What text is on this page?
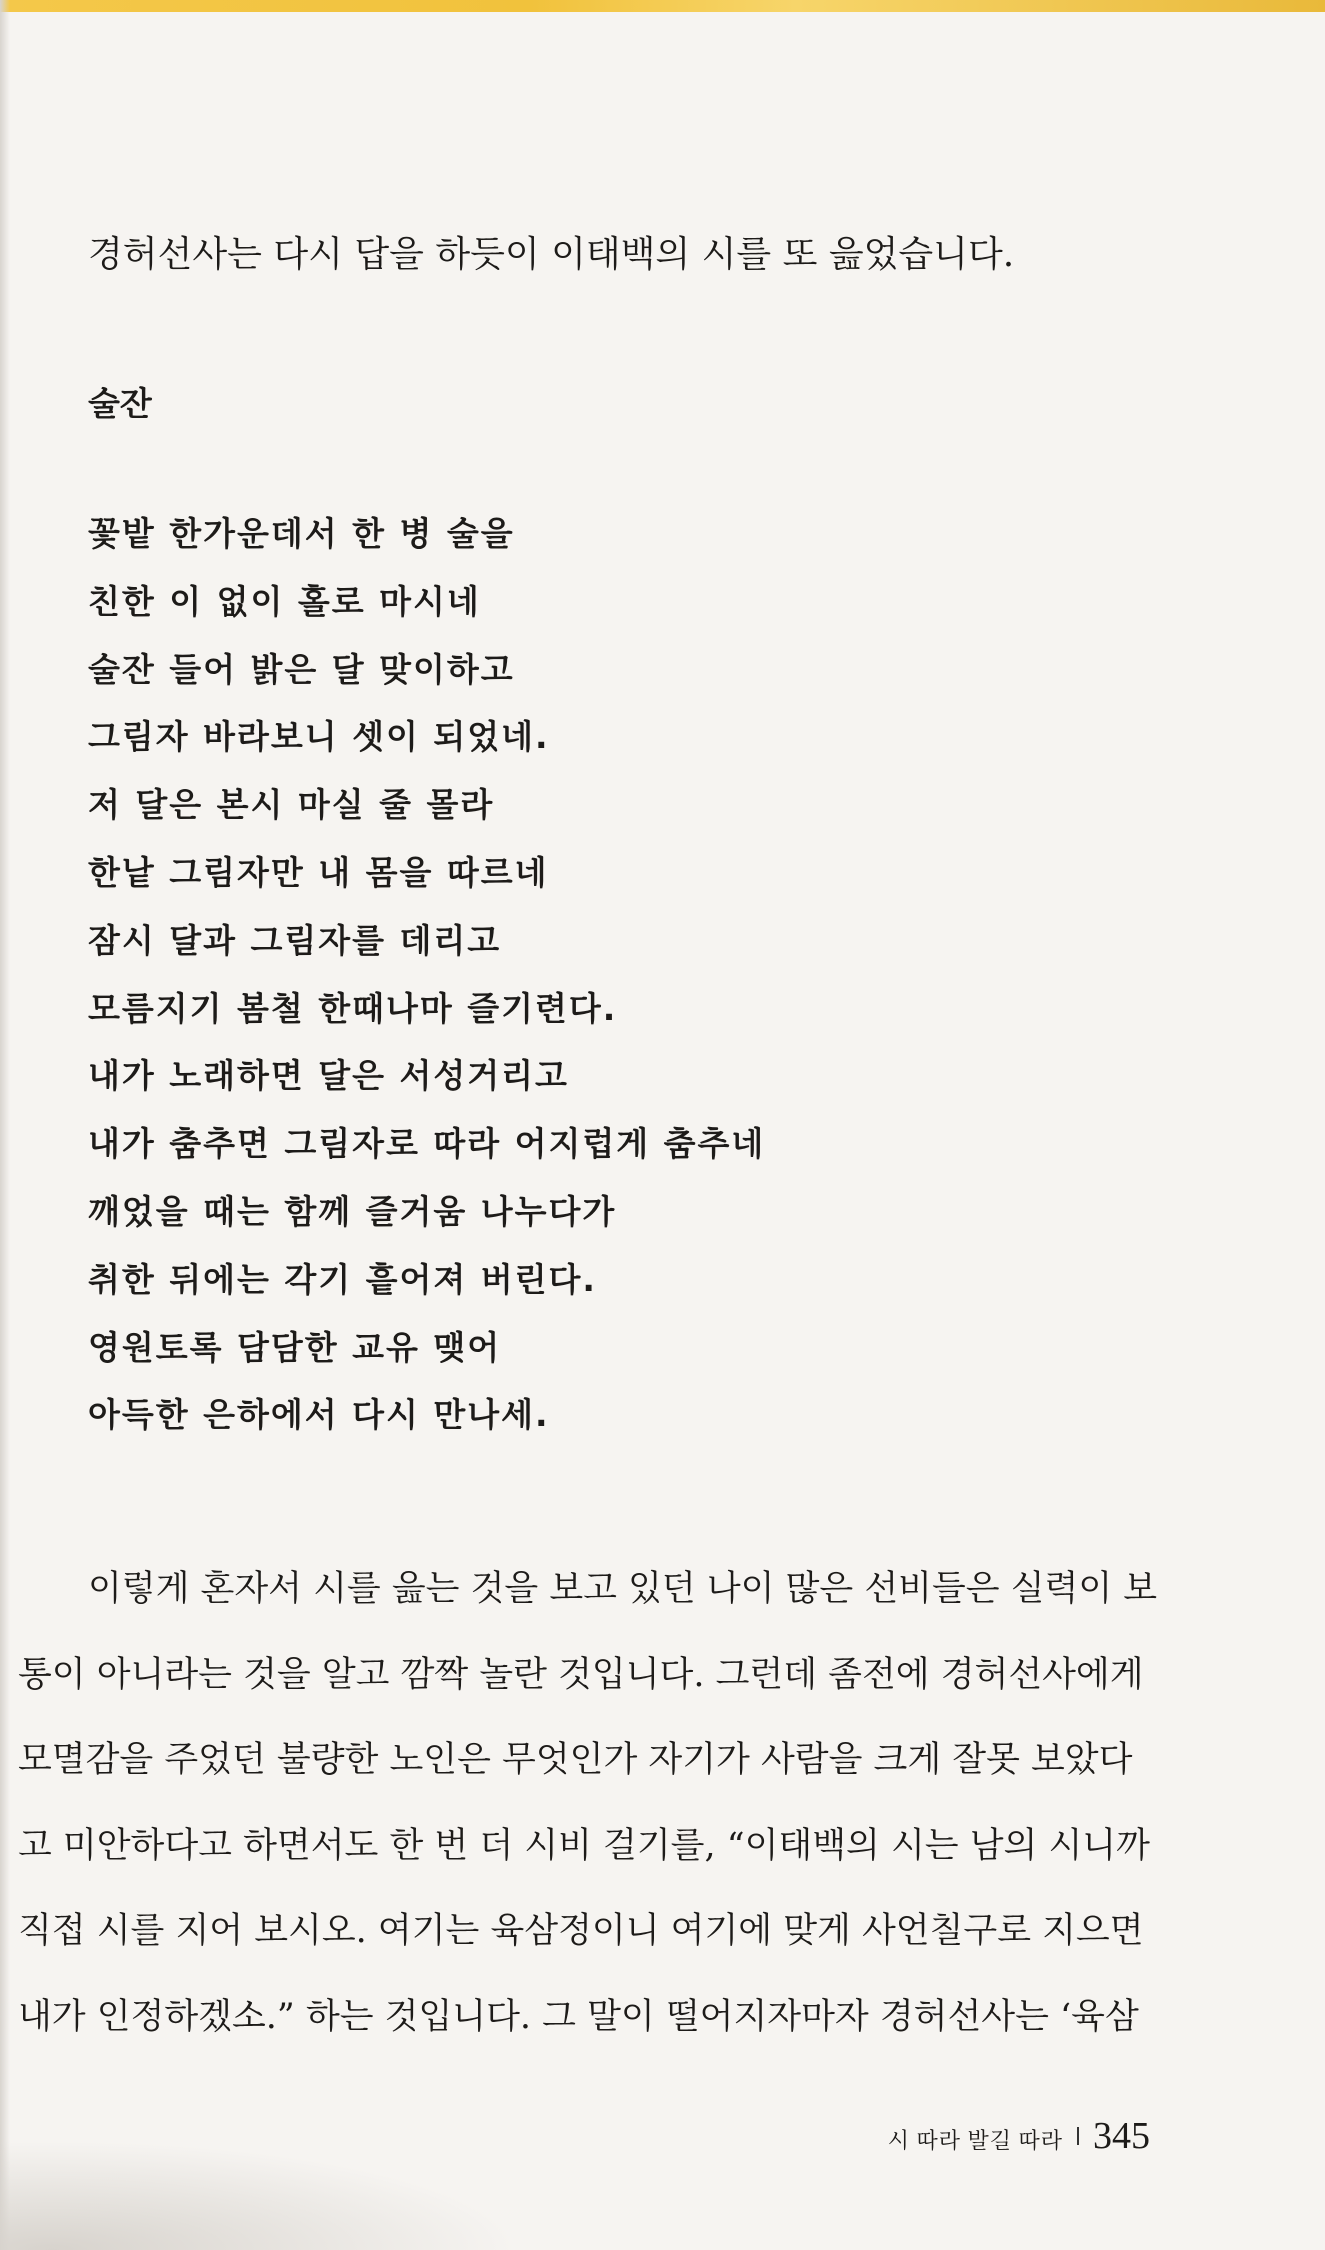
경허선사는 다시 답을 하듯이 이태백의 시를 또 읊었습니다.
술잔
꽃밭 한가운데서 한 병 술을
친한 이 없이 홀로 마시네
술잔 들어 밝은 달 맞이하고
그림자 바라보니 셋이 되었네.
저 달은 본시 마실 줄 몰라
한낱 그림자만 내 몸을 따르네
잠시 달과 그림자를 데리고
모름지기 봄철 한때나마 즐기련다.
내가 노래하면 달은 서성거리고
내가 춤추면 그림자로 따라 어지럽게 춤추네
깨었을 때는 함께 즐거움 나누다가
취한 뒤에는 각기 흩어져 버린다.
영원토록 담담한 교유 맺어
아득한 은하에서 다시 만나세.
이렇게 혼자서 시를 읊는 것을 보고 있던 나이 많은 선비들은 실력이 보
통이 아니라는 것을 알고 깜짝 놀란 것입니다. 그런데 좀전에 경허선사에게
모멸감을 주었던 불량한 노인은 무엇인가 자기가 사람을 크게 잘못 보았다
고 미안하다고 하면서도 한 번 더 시비 걸기를, “이태백의 시는 남의 시니까
직접 시를 지어 보시오. 여기는 육삼정이니 여기에 맞게 사언칠구로 지으면
내가 인정하겠소.” 하는 것입니다. 그 말이 떨어지자마자 경허선사는 ‘육삼
시 따라 발길 따라 345
